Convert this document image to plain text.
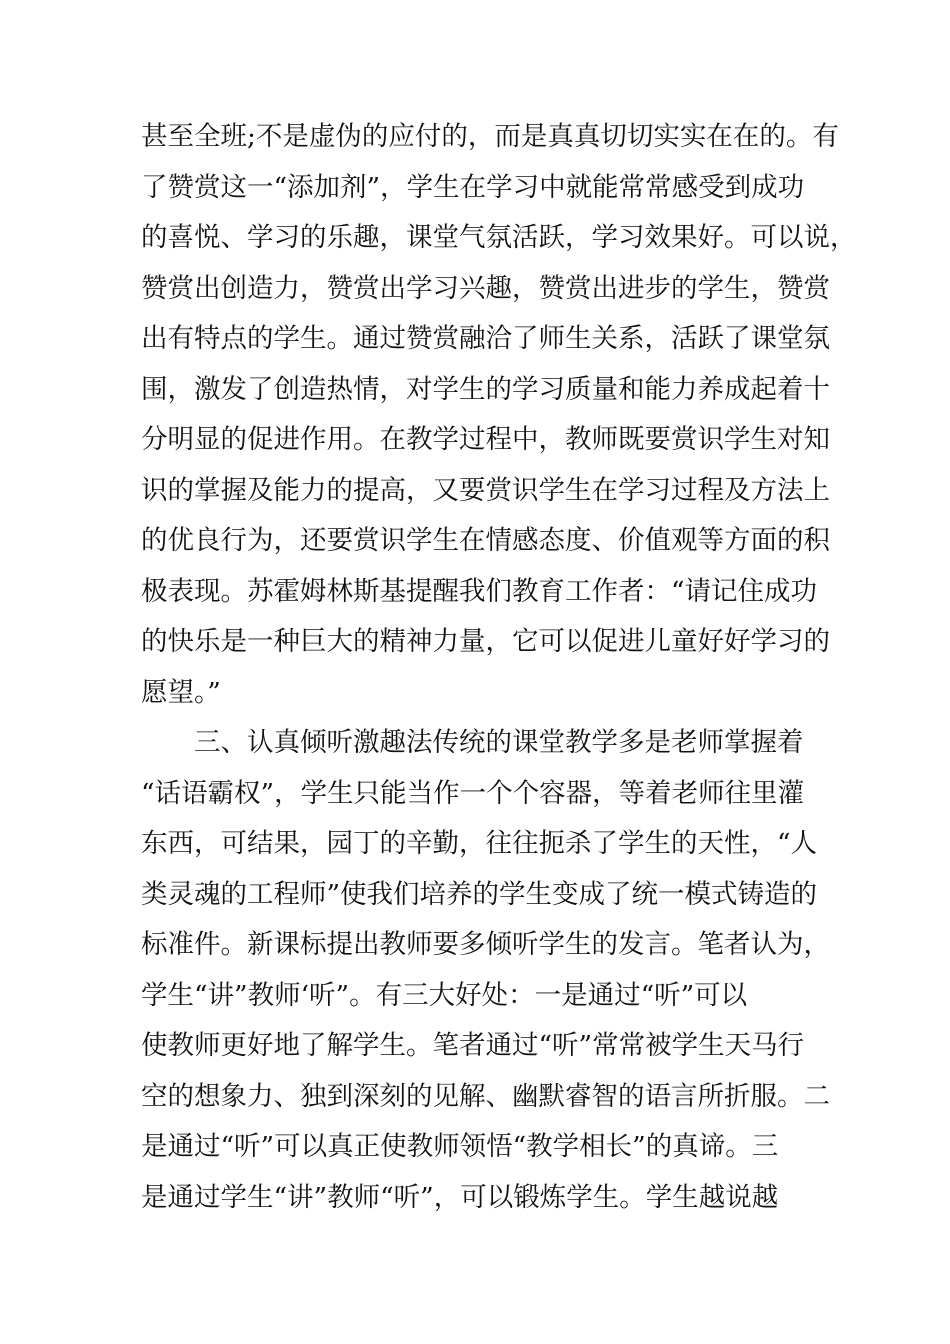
甚至全班;不是虚伪的应付的，而是真真切切实实在在的。有
了赞赏这一“添加剂”，学生在学习中就能常常感受到成功
的喜悦、学习的乐趣，课堂气氛活跃，学习效果好。可以说，
赞赏出创造力，赞赏出学习兴趣，赞赏出进步的学生，赞赏
出有特点的学生。通过赞赏融洽了师生关系，活跃了课堂氛
围，激发了创造热情，对学生的学习质量和能力养成起着十
分明显的促进作用。在教学过程中，教师既要赏识学生对知
识的掌握及能力的提高，又要赏识学生在学习过程及方法上
的优良行为，还要赏识学生在情感态度、价值观等方面的积
极表现。苏霍姆林斯基提醒我们教育工作者：“请记住成功
的快乐是一种巨大的精神力量，它可以促进儿童好好学习的
愿望。”
三、认真倾听激趣法传统的课堂教学多是老师掌握着
“话语霸权”，学生只能当作一个个容器，等着老师往里灌
东西，可结果，园丁的辛勤，往往扼杀了学生的天性，“人
类灵魂的工程师”使我们培养的学生变成了统一模式铸造的
标准件。新课标提出教师要多倾听学生的发言。笔者认为，
学生“讲”教师‘听”。有三大好处：一是通过“听”可以
使教师更好地了解学生。笔者通过“听”常常被学生天马行
空的想象力、独到深刻的见解、幽默睿智的语言所折服。二
是通过“听”可以真正使教师领悟“教学相长”的真谛。三
是通过学生“讲”教师“听”，可以锻炼学生。学生越说越
